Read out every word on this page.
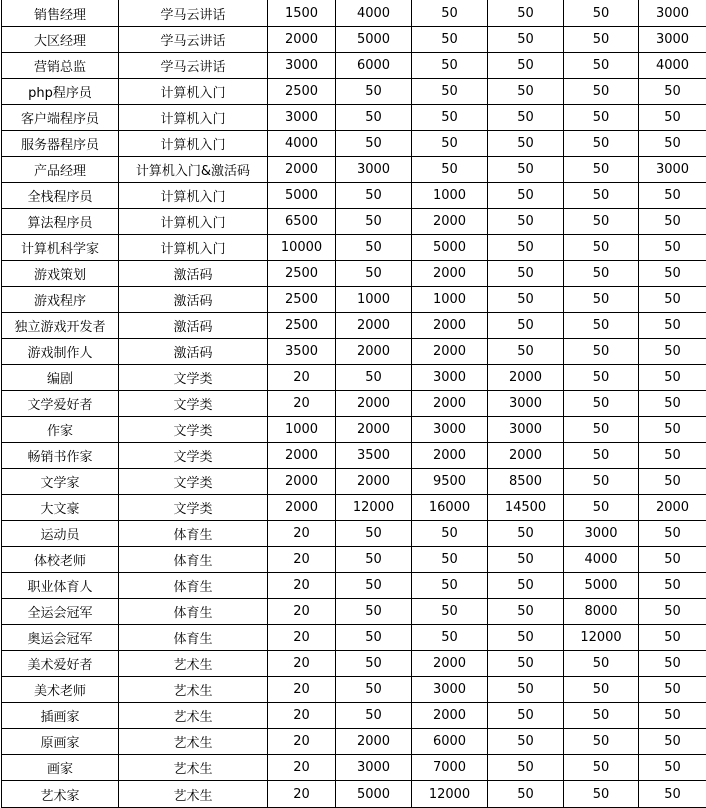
销售经理	学马云讲话	1500	4000	50	50	50	3000
大区经理	学马云讲话	2000	5000	50	50	50	3000
营销总监	学马云讲话	3000	6000	50	50	50	4000
php程序员	计算机入门	2500	50	50	50	50	50
客户端程序员	计算机入门	3000	50	50	50	50	50
服务器程序员	计算机入门	4000	50	50	50	50	50
产品经理	计算机入门&激活码	2000	3000	50	50	50	3000
全栈程序员	计算机入门	5000	50	1000	50	50	50
算法程序员	计算机入门	6500	50	2000	50	50	50
计算机科学家	计算机入门	10000	50	5000	50	50	50
游戏策划	激活码	2500	50	2000	50	50	50
游戏程序	激活码	2500	1000	1000	50	50	50
独立游戏开发者	激活码	2500	2000	2000	50	50	50
游戏制作人	激活码	3500	2000	2000	50	50	50
编剧	文学类	20	50	3000	2000	50	50
文学爱好者	文学类	20	2000	2000	3000	50	50
作家	文学类	1000	2000	3000	3000	50	50
畅销书作家	文学类	2000	3500	2000	2000	50	50
文学家	文学类	2000	2000	9500	8500	50	50
大文豪	文学类	2000	12000	16000	14500	50	2000
运动员	体育生	20	50	50	50	3000	50
体校老师	体育生	20	50	50	50	4000	50
职业体育人	体育生	20	50	50	50	5000	50
全运会冠军	体育生	20	50	50	50	8000	50
奥运会冠军	体育生	20	50	50	50	12000	50
美术爱好者	艺术生	20	50	2000	50	50	50
美术老师	艺术生	20	50	3000	50	50	50
插画家	艺术生	20	50	2000	50	50	50
原画家	艺术生	20	2000	6000	50	50	50
画家	艺术生	20	3000	7000	50	50	50
艺术家	艺术生	20	5000	12000	50	50	50
